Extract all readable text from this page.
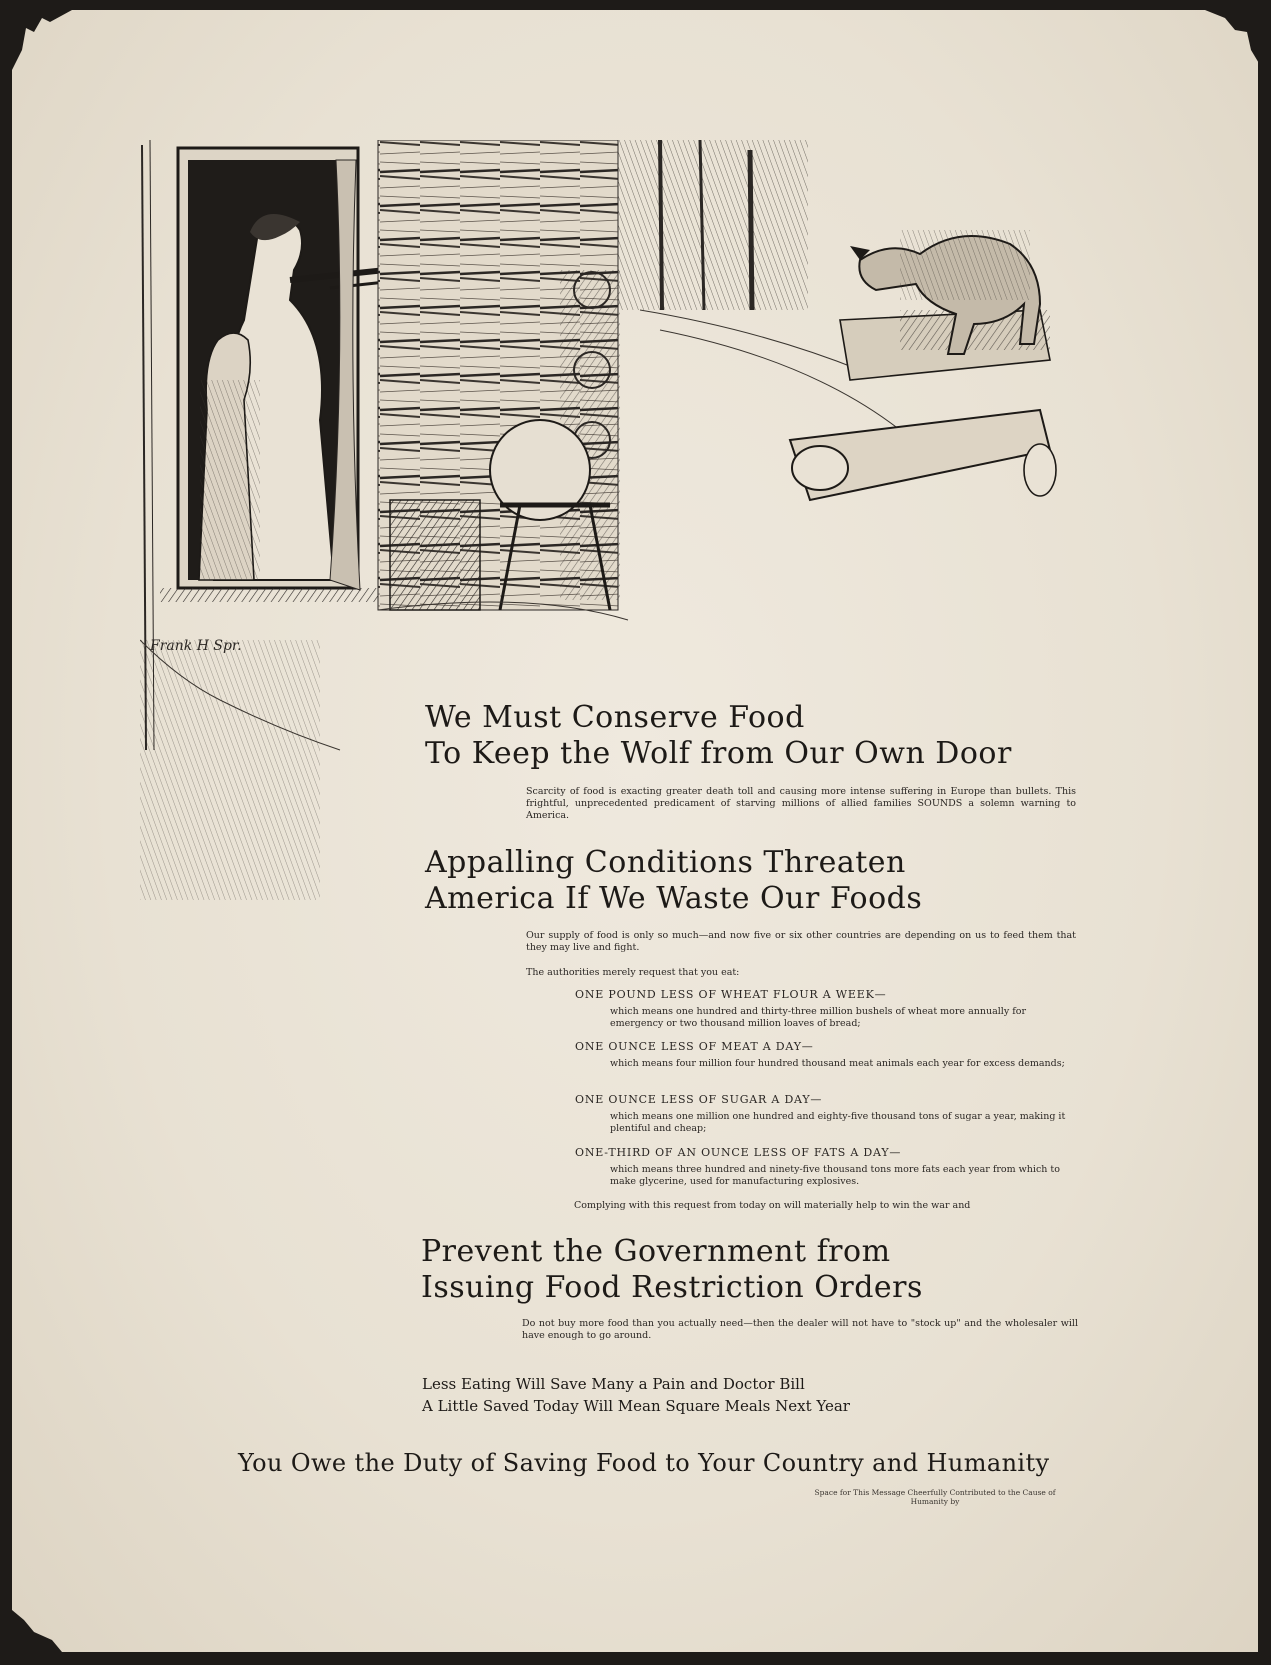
Frank H Spr.
We Must Conserve Food
To Keep the Wolf from Our Own Door
Scarcity of food is exacting greater death toll and causing more intense suffering in Europe than bullets. This frightful, unprecedented predicament of starving millions of allied families SOUNDS a solemn warning to America.
Appalling Conditions Threaten
America If We Waste Our Foods
Our supply of food is only so much—and now five or six other countries are depending on us to feed them that they may live and fight.
The authorities merely request that you eat:
ONE POUND LESS OF WHEAT FLOUR A WEEK—
which means one hundred and thirty-three million bushels of wheat more annually for emergency or two thousand million loaves of bread;
ONE OUNCE LESS OF MEAT A DAY—
which means four million four hundred thousand meat animals each year for excess demands;
ONE OUNCE LESS OF SUGAR A DAY—
which means one million one hundred and eighty-five thousand tons of sugar a year, making it plentiful and cheap;
ONE-THIRD OF AN OUNCE LESS OF FATS A DAY—
which means three hundred and ninety-five thousand tons more fats each year from which to make glycerine, used for manufacturing explosives.
Complying with this request from today on will materially help to win the war and
Prevent the Government from
Issuing Food Restriction Orders
Do not buy more food than you actually need—then the dealer will not have to "stock up" and the wholesaler will have enough to go around.
Less Eating Will Save Many a Pain and Doctor Bill
A Little Saved Today Will Mean Square Meals Next Year
You Owe the Duty of Saving Food to Your Country and Humanity
Space for This Message Cheerfully Contributed to the Cause of Humanity by
